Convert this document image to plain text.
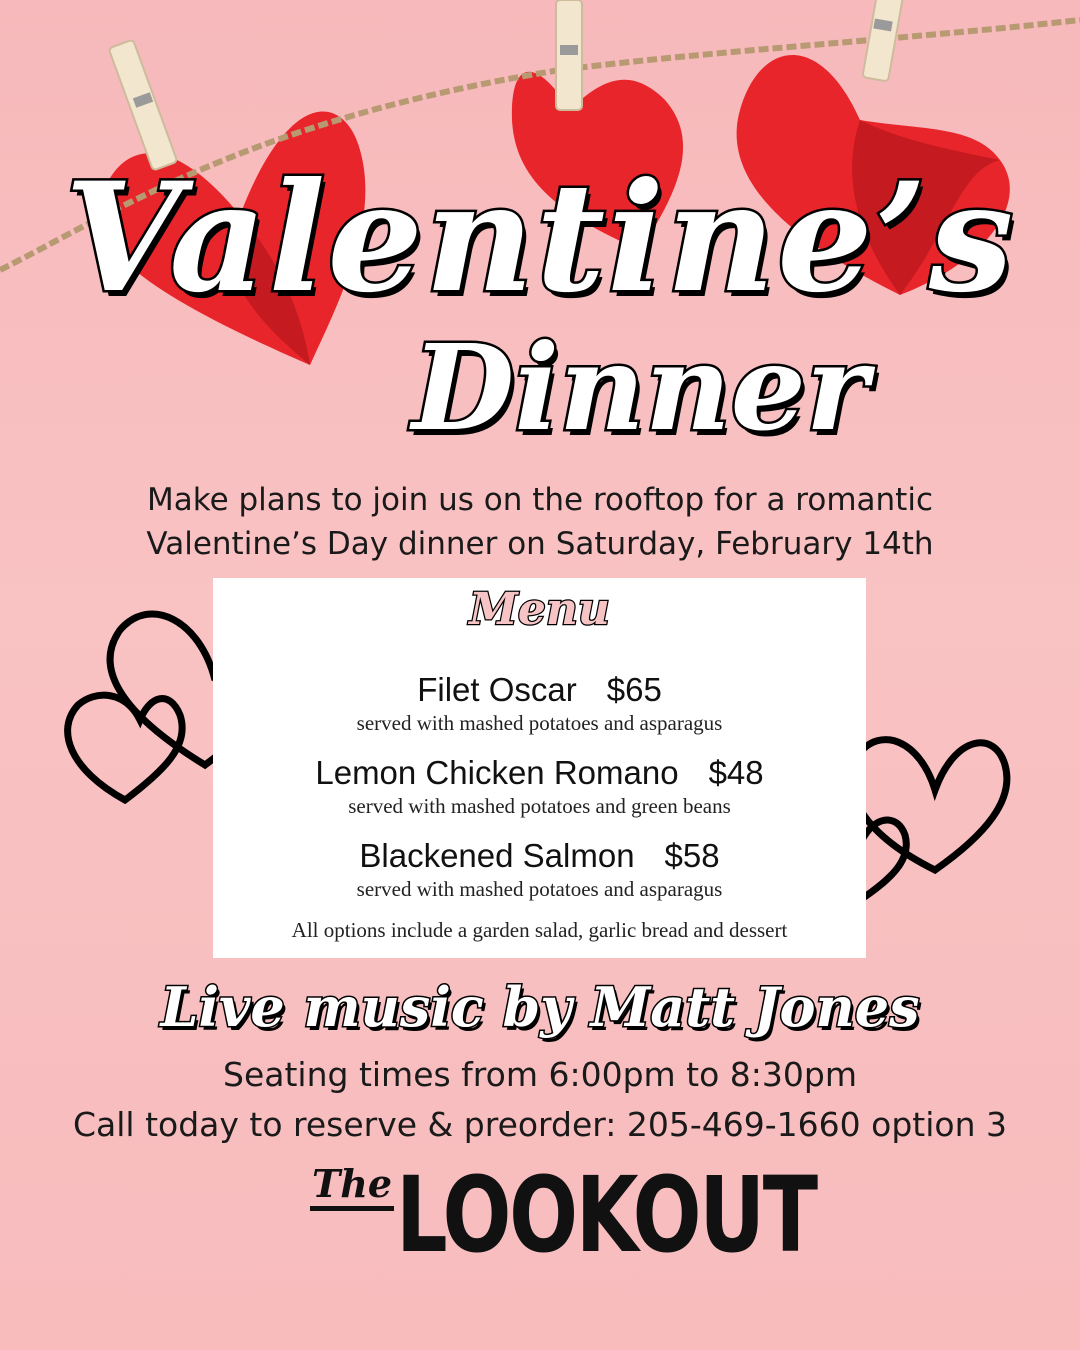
Valentine’s
Dinner
Make plans to join us on the rooftop for a romantic
Valentine’s Day dinner on Saturday, February 14th
Menu
Filet Oscar $65
served with mashed potatoes and asparagus
Lemon Chicken Romano $48
served with mashed potatoes and green beans
Blackened Salmon $58
served with mashed potatoes and asparagus
All options include a garden salad, garlic bread and dessert
Live music by Matt Jones
Seating times from 6:00pm to 8:30pm
Call today to reserve & preorder: 205-469-1660 option 3
The LOOKOUT
